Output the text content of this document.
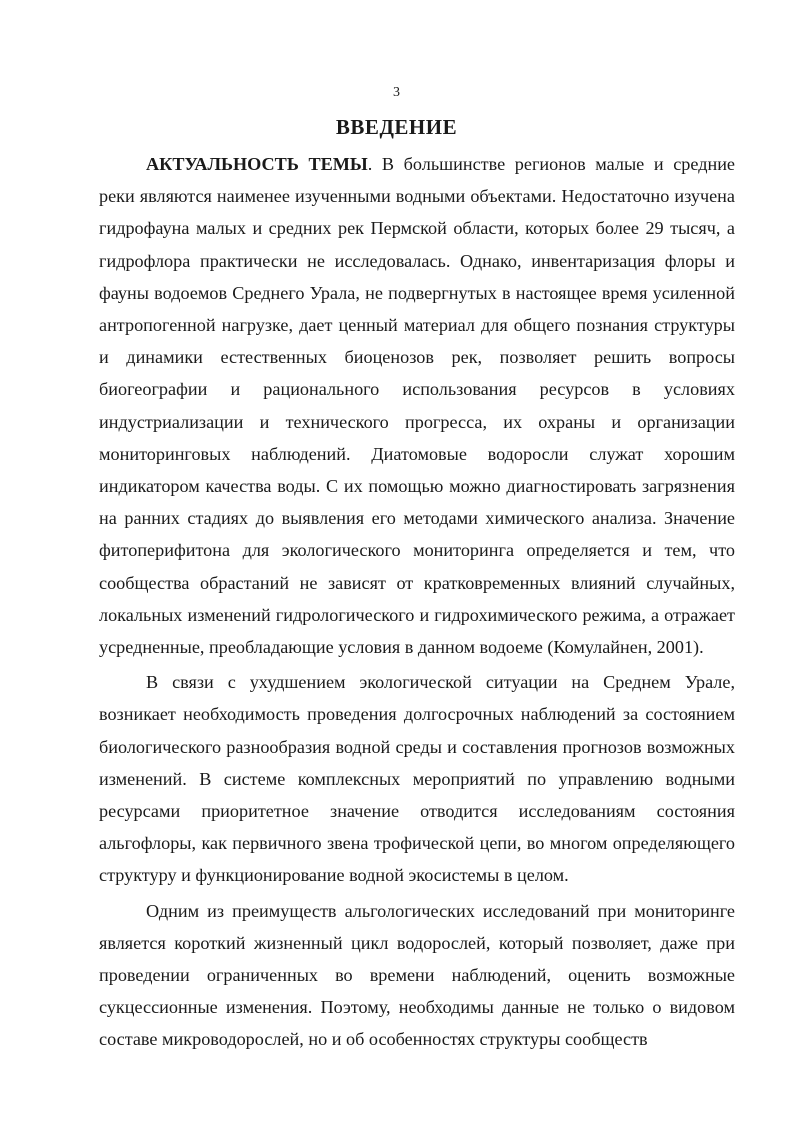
3
ВВЕДЕНИЕ

АКТУАЛЬНОСТЬ ТЕМЫ. В большинстве регионов малые и средние реки являются наименее изученными водными объектами. Недостаточно изучена гидрофауна малых и средних рек Пермской области, которых более 29 тысяч, а гидрофлора практически не исследовалась. Однако, инвентаризация флоры и фауны водоемов Среднего Урала, не подвергнутых в настоящее время усиленной антропогенной нагрузке, дает ценный материал для общего познания структуры и динамики естественных биоценозов рек, позволяет решить вопросы биогеографии и рационального использования ресурсов в условиях индустриализации и технического прогресса, их охраны и организации мониторинговых наблюдений. Диатомовые водоросли служат хорошим индикатором качества воды. С их помощью можно диагностировать загрязнения на ранних стадиях до выявления его методами химического анализа. Значение фитоперифитона для экологического мониторинга определяется и тем, что сообщества обрастаний не зависят от кратковременных влияний случайных, локальных изменений гидрологического и гидрохимического режима, а отражает усредненные, преобладающие условия в данном водоеме (Комулайнен, 2001).

В связи с ухудшением экологической ситуации на Среднем Урале, возникает необходимость проведения долгосрочных наблюдений за состоянием биологического разнообразия водной среды и составления прогнозов возможных изменений. В системе комплексных мероприятий по управлению водными ресурсами приоритетное значение отводится исследованиям состояния альгофлоры, как первичного звена трофической цепи, во многом определяющего структуру и функционирование водной экосистемы в целом.

Одним из преимуществ альгологических исследований при мониторинге является короткий жизненный цикл водорослей, который позволяет, даже при проведении ограниченных во времени наблюдений, оценить возможные сукцессионные изменения. Поэтому, необходимы данные не только о видовом составе микроводорослей, но и об особенностях структуры сообществ
